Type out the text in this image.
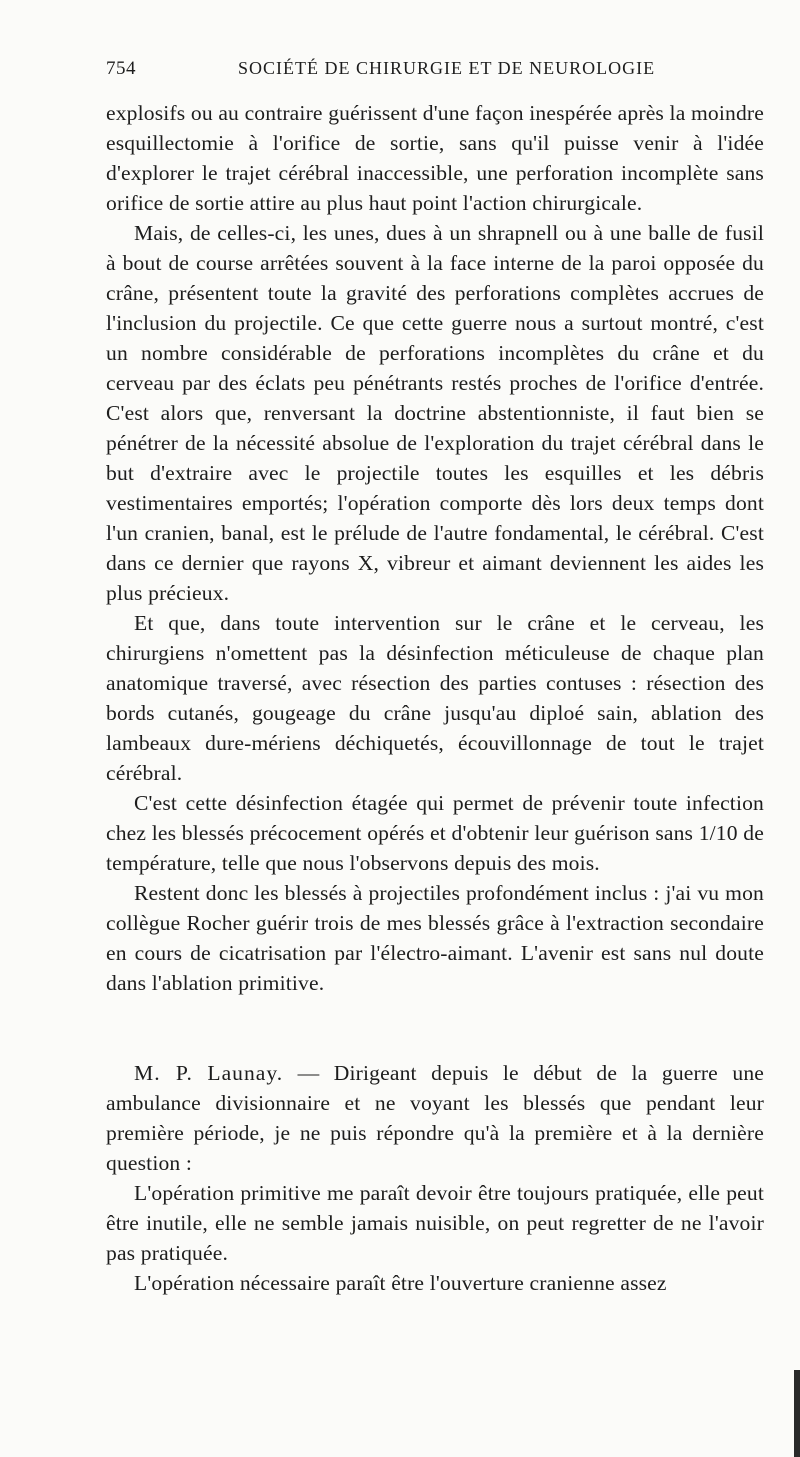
754	SOCIÉTÉ DE CHIRURGIE ET DE NEUROLOGIE

explosifs ou au contraire guérissent d'une façon inespérée après la moindre esquillectomie à l'orifice de sortie, sans qu'il puisse venir à l'idée d'explorer le trajet cérébral inaccessible, une perforation incomplète sans orifice de sortie attire au plus haut point l'action chirurgicale.

Mais, de celles-ci, les unes, dues à un shrapnell ou à une balle de fusil à bout de course arrêtées souvent à la face interne de la paroi opposée du crâne, présentent toute la gravité des perforations complètes accrues de l'inclusion du projectile. Ce que cette guerre nous a surtout montré, c'est un nombre considérable de perforations incomplètes du crâne et du cerveau par des éclats peu pénétrants restés proches de l'orifice d'entrée. C'est alors que, renversant la doctrine abstentionniste, il faut bien se pénétrer de la nécessité absolue de l'exploration du trajet cérébral dans le but d'extraire avec le projectile toutes les esquilles et les débris vestimentaires emportés; l'opération comporte dès lors deux temps dont l'un cranien, banal, est le prélude de l'autre fondamental, le cérébral. C'est dans ce dernier que rayons X, vibreur et aimant deviennent les aides les plus précieux.

Et que, dans toute intervention sur le crâne et le cerveau, les chirurgiens n'omettent pas la désinfection méticuleuse de chaque plan anatomique traversé, avec résection des parties contuses : résection des bords cutanés, gougeage du crâne jusqu'au diploé sain, ablation des lambeaux dure-mériens déchiquetés, écouvillonnage de tout le trajet cérébral.

C'est cette désinfection étagée qui permet de prévenir toute infection chez les blessés précocement opérés et d'obtenir leur guérison sans 1/10 de température, telle que nous l'observons depuis des mois.

Restent donc les blessés à projectiles profondément inclus : j'ai vu mon collègue Rocher guérir trois de mes blessés grâce à l'extraction secondaire en cours de cicatrisation par l'électro-aimant. L'avenir est sans nul doute dans l'ablation primitive.

M. P. Launay. — Dirigeant depuis le début de la guerre une ambulance divisionnaire et ne voyant les blessés que pendant leur première période, je ne puis répondre qu'à la première et à la dernière question :

L'opération primitive me paraît devoir être toujours pratiquée, elle peut être inutile, elle ne semble jamais nuisible, on peut regretter de ne l'avoir pas pratiquée.

L'opération nécessaire paraît être l'ouverture cranienne assez
